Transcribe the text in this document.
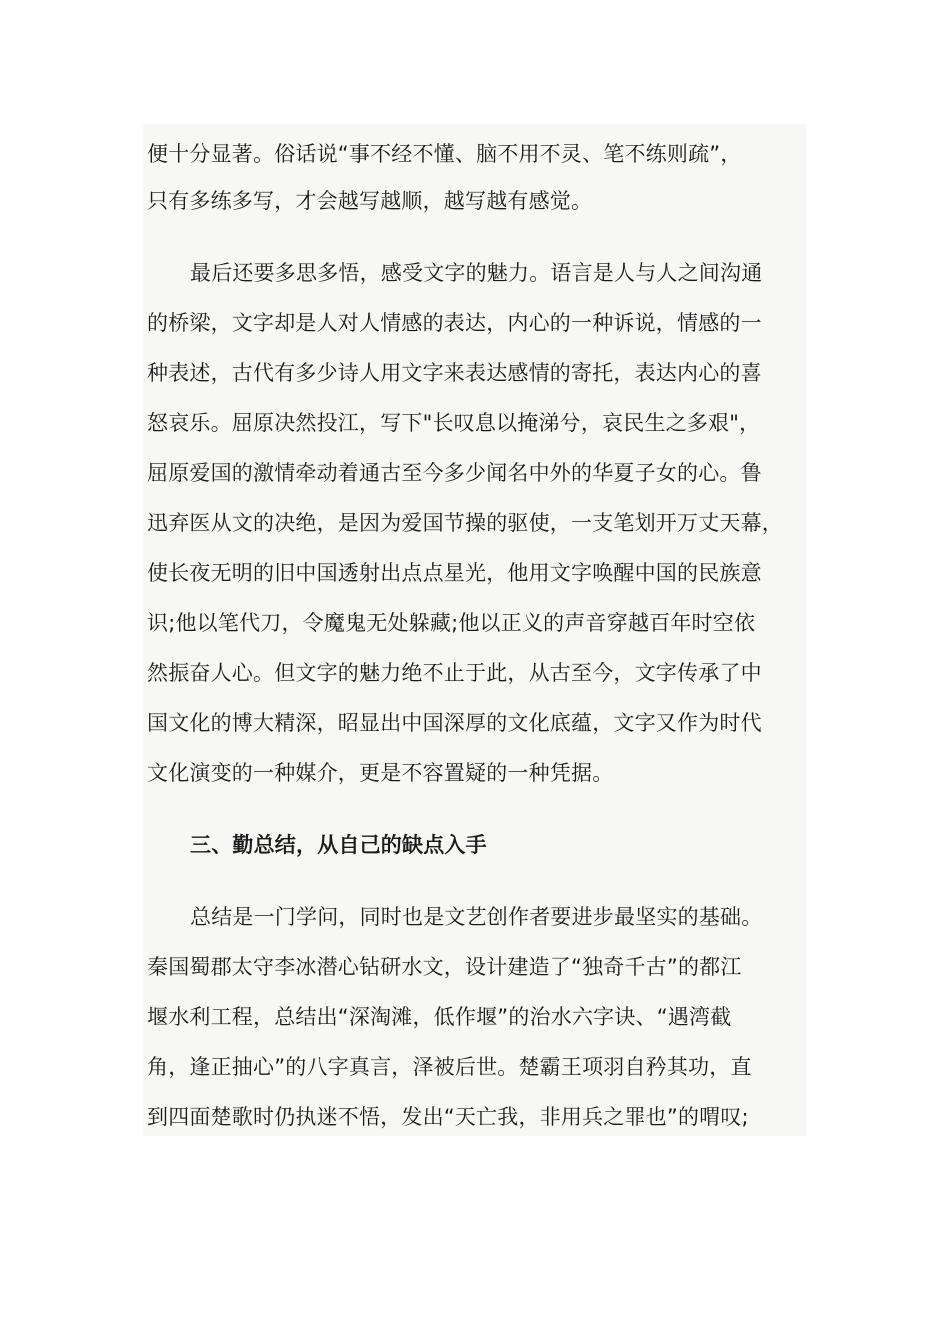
便十分显著。俗话说“事不经不懂、脑不用不灵、笔不练则疏”，
只有多练多写，才会越写越顺，越写越有感觉。
最后还要多思多悟，感受文字的魅力。语言是人与人之间沟通
的桥梁，文字却是人对人情感的表达，内心的一种诉说，情感的一
种表述，古代有多少诗人用文字来表达感情的寄托，表达内心的喜
怒哀乐。屈原决然投江，写下"长叹息以掩涕兮，哀民生之多艰"，
屈原爱国的激情牵动着通古至今多少闻名中外的华夏子女的心。鲁
迅弃医从文的决绝，是因为爱国节操的驱使，一支笔划开万丈天幕，
使长夜无明的旧中国透射出点点星光，他用文字唤醒中国的民族意
识;他以笔代刀，令魔鬼无处躲藏;他以正义的声音穿越百年时空依
然振奋人心。但文字的魅力绝不止于此，从古至今，文字传承了中
国文化的博大精深，昭显出中国深厚的文化底蕴，文字又作为时代
文化演变的一种媒介，更是不容置疑的一种凭据。
三、勤总结，从自己的缺点入手
总结是一门学问，同时也是文艺创作者要进步最坚实的基础。
秦国蜀郡太守李冰潜心钻研水文，设计建造了“独奇千古”的都江
堰水利工程，总结出“深淘滩，低作堰”的治水六字诀、“遇湾截
角，逢正抽心”的八字真言，泽被后世。楚霸王项羽自矜其功，直
到四面楚歌时仍执迷不悟，发出“天亡我，非用兵之罪也”的喟叹;
